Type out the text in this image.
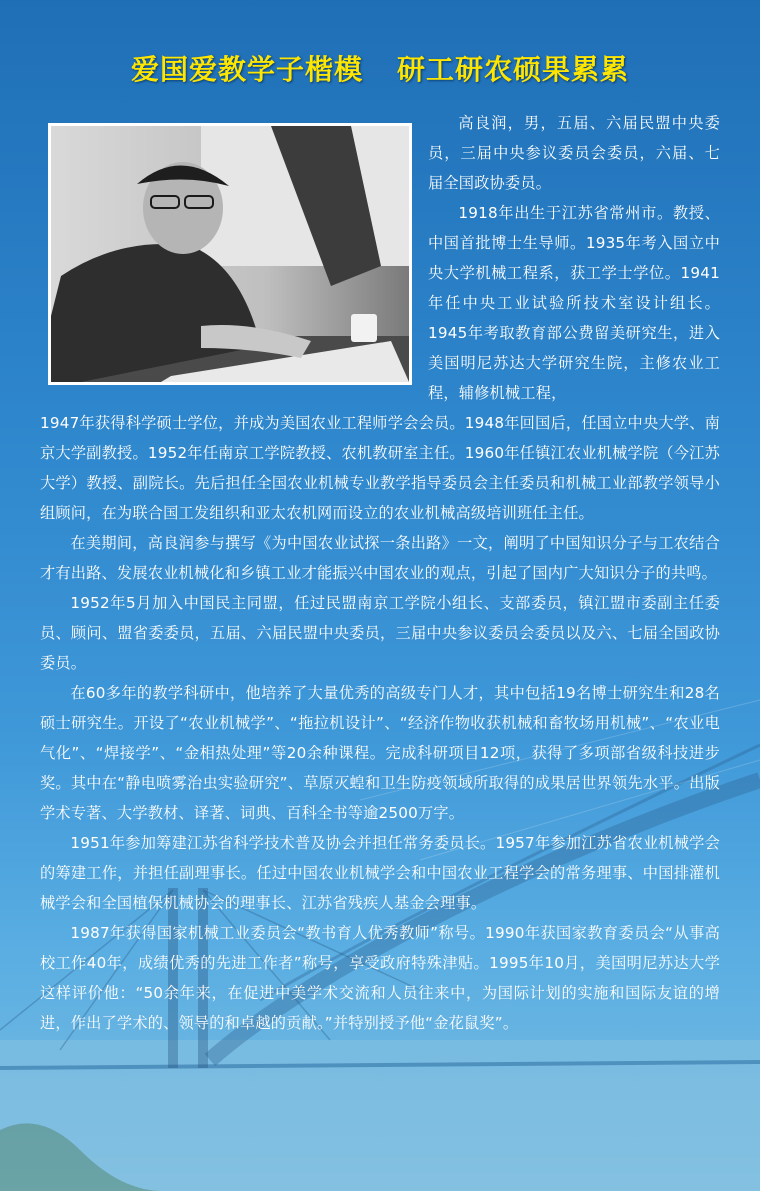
爱国爱教学子楷模 研工研农硕果累累

高良润，男，五届、六届民盟中央委员，三届中央参议委员会委员，六届、七届全国政协委员。

1918年出生于江苏省常州市。教授、中国首批博士生导师。1935年考入国立中央大学机械工程系，获工学士学位。1941年任中央工业试验所技术室设计组长。1945年考取教育部公费留美研究生，进入美国明尼苏达大学研究生院，主修农业工程，辅修机械工程，

1947年获得科学硕士学位，并成为美国农业工程师学会会员。1948年回国后，任国立中央大学、南京大学副教授。1952年任南京工学院教授、农机教研室主任。1960年任镇江农业机械学院（今江苏大学）教授、副院长。先后担任全国农业机械专业教学指导委员会主任委员和机械工业部教学领导小组顾问，在为联合国工发组织和亚太农机网而设立的农业机械高级培训班任主任。

在美期间，高良润参与撰写《为中国农业试探一条出路》一文，阐明了中国知识分子与工农结合才有出路、发展农业机械化和乡镇工业才能振兴中国农业的观点，引起了国内广大知识分子的共鸣。

1952年5月加入中国民主同盟，任过民盟南京工学院小组长、支部委员，镇江盟市委副主任委员、顾问、盟省委委员，五届、六届民盟中央委员，三届中央参议委员会委员以及六、七届全国政协委员。

在60多年的教学科研中，他培养了大量优秀的高级专门人才，其中包括19名博士研究生和28名硕士研究生。开设了“农业机械学”、“拖拉机设计”、“经济作物收获机械和畜牧场用机械”、“农业电气化”、“焊接学”、“金相热处理”等20余种课程。完成科研项目12项，获得了多项部省级科技进步奖。其中在“静电喷雾治虫实验研究”、草原灭蝗和卫生防疫领域所取得的成果居世界领先水平。出版学术专著、大学教材、译著、词典、百科全书等逾2500万字。

1951年参加筹建江苏省科学技术普及协会并担任常务委员长。1957年参加江苏省农业机械学会的筹建工作，并担任副理事长。任过中国农业机械学会和中国农业工程学会的常务理事、中国排灌机械学会和全国植保机械协会的理事长、江苏省残疾人基金会理事。

1987年获得国家机械工业委员会“教书育人优秀教师”称号。1990年获国家教育委员会“从事高校工作40年，成绩优秀的先进工作者”称号，享受政府特殊津贴。1995年10月，美国明尼苏达大学这样评价他：“50余年来，在促进中美学术交流和人员往来中，为国际计划的实施和国际友谊的增进，作出了学术的、领导的和卓越的贡献。”并特别授予他“金花鼠奖”。
